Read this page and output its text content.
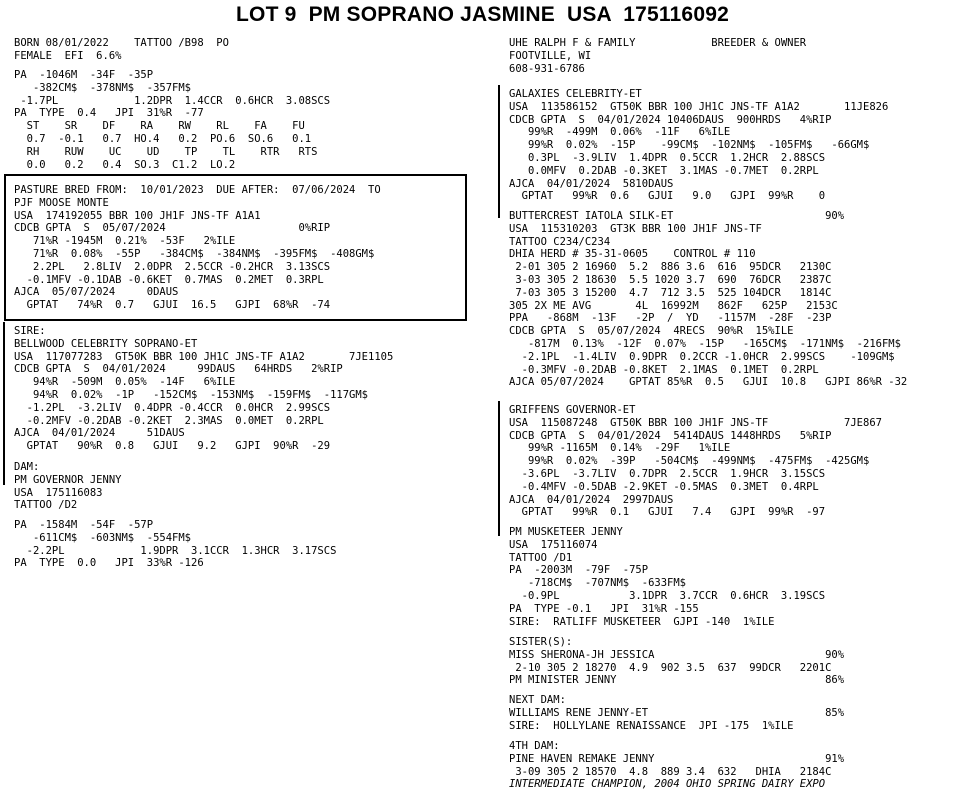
LOT 9  PM SOPRANO JASMINE  USA  175116092
BORN 08/01/2022    TATTOO /B98  PO
FEMALE  EFI  6.6%
PA  -1046M  -34F  -35P
-382CM$  -378NM$  -357FM$
-1.7PL            1.2DPR  1.4CCR  0.6HCR  3.08SCS
PA  TYPE  0.4   JPI  31%R  -77
ST    SR    DF    RA    RW    RL    FA    FU
0.7  -0.1   0.7  HO.4   0.2  PO.6  SO.6   0.1
RH    RUW    UC    UD    TP    TL    RTR   RTS
0.0   0.2   0.4  SO.3  C1.2  LO.2
PASTURE BRED FROM:  10/01/2023  DUE AFTER:  07/06/2024  TO
PJF MOOSE MONTE
USA  174192055 BBR 100 JH1F JNS-TF A1A1
CDCB GPTA  S  05/07/2024                     0%RIP
71%R -1945M  0.21%  -53F   2%ILE
71%R  0.08%  -55P   -384CM$  -384NM$  -395FM$  -408GM$
2.2PL   2.8LIV  2.0DPR  2.5CCR -0.2HCR  3.13SCS
-0.1MFV -0.1DAB -0.6KET  0.7MAS  0.2MET  0.3RPL
AJCA  05/07/2024     0DAUS
GPTAT   74%R  0.7   GJUI  16.5   GJPI  68%R  -74
SIRE:
BELLWOOD CELEBRITY SOPRANO-ET
USA  117077283  GT50K BBR 100 JH1C JNS-TF A1A2       7JE1105
CDCB GPTA  S  04/01/2024     99DAUS   64HRDS   2%RIP
94%R  -509M  0.05%  -14F   6%ILE
94%R  0.02%  -1P   -152CM$  -153NM$  -159FM$  -117GM$
-1.2PL  -3.2LIV  0.4DPR -0.4CCR  0.0HCR  2.99SCS
-0.2MFV -0.2DAB -0.2KET  2.3MAS  0.0MET  0.2RPL
AJCA  04/01/2024     51DAUS
GPTAT   90%R  0.8   GJUI   9.2   GJPI  90%R  -29
DAM:
PM GOVERNOR JENNY
USA  175116083
TATTOO /D2
PA  -1584M  -54F  -57P
-611CM$  -603NM$  -554FM$
-2.2PL            1.9DPR  3.1CCR  1.3HCR  3.17SCS
PA  TYPE  0.0   JPI  33%R -126
UHE RALPH F & FAMILY            BREEDER & OWNER
FOOTVILLE, WI
608-931-6786
GALAXIES CELEBRITY-ET
USA  113586152  GT50K BBR 100 JH1C JNS-TF A1A2       11JE826
CDCB GPTA  S  04/01/2024 10406DAUS  900HRDS   4%RIP
99%R  -499M  0.06%  -11F   6%ILE
99%R  0.02%  -15P    -99CM$  -102NM$  -105FM$   -66GM$
0.3PL  -3.9LIV  1.4DPR  0.5CCR  1.2HCR  2.88SCS
0.0MFV  0.2DAB -0.3KET  3.1MAS -0.7MET  0.2RPL
AJCA  04/01/2024  5810DAUS
GPTAT   99%R  0.6   GJUI   9.0   GJPI  99%R    0
BUTTERCREST IATOLA SILK-ET                        90%
USA  115310203  GT3K BBR 100 JH1F JNS-TF
TATTOO C234/C234
DHIA HERD # 35-31-0605    CONTROL # 110
2-01 305 2 16960  5.2  886 3.6  616  95DCR   2130C
3-03 305 2 18630  5.5 1020 3.7  690  76DCR   2387C
7-03 305 3 15200  4.7  712 3.5  525 104DCR   1814C
305 2X ME AVG       4L  16992M   862F   625P   2153C
PPA   -868M  -13F   -2P  /  YD   -1157M  -28F  -23P
CDCB GPTA  S  05/07/2024  4RECS  90%R  15%ILE
-817M  0.13%  -12F  0.07%  -15P   -165CM$  -171NM$  -216FM$
-2.1PL  -1.4LIV  0.9DPR  0.2CCR -1.0HCR  2.99SCS    -109GM$
-0.3MFV -0.2DAB -0.8KET  2.1MAS  0.1MET  0.2RPL
AJCA 05/07/2024    GPTAT 85%R  0.5   GJUI  10.8   GJPI 86%R -32
GRIFFENS GOVERNOR-ET
USA  115087248  GT50K BBR 100 JH1F JNS-TF            7JE867
CDCB GPTA  S  04/01/2024  5414DAUS 1448HRDS   5%RIP
99%R -1165M  0.14%  -29F   1%ILE
99%R  0.02%  -39P   -504CM$  -499NM$  -475FM$  -425GM$
-3.6PL  -3.7LIV  0.7DPR  2.5CCR  1.9HCR  3.15SCS
-0.4MFV -0.5DAB -2.9KET -0.5MAS  0.3MET  0.4RPL
AJCA  04/01/2024  2997DAUS
GPTAT   99%R  0.1   GJUI   7.4   GJPI  99%R  -97
PM MUSKETEER JENNY
USA  175116074
TATTOO /D1
PA  -2003M  -79F  -75P
-718CM$  -707NM$  -633FM$
-0.9PL           3.1DPR  3.7CCR  0.6HCR  3.19SCS
PA  TYPE -0.1   JPI  31%R -155
SIRE:  RATLIFF MUSKETEER  GJPI -140  1%ILE
SISTER(S):
MISS SHERONA-JH JESSICA                           90%
2-10 305 2 18270  4.9  902 3.5  637  99DCR   2201C
PM MINISTER JENNY                                 86%
NEXT DAM:
WILLIAMS RENE JENNY-ET                            85%
SIRE:  HOLLYLANE RENAISSANCE  JPI -175  1%ILE
4TH DAM:
PINE HAVEN REMAKE JENNY                           91%
3-09 305 2 18570  4.8  889 3.4  632   DHIA   2184C
INTERMEDIATE CHAMPION, 2004 OHIO SPRING DAIRY EXPO
